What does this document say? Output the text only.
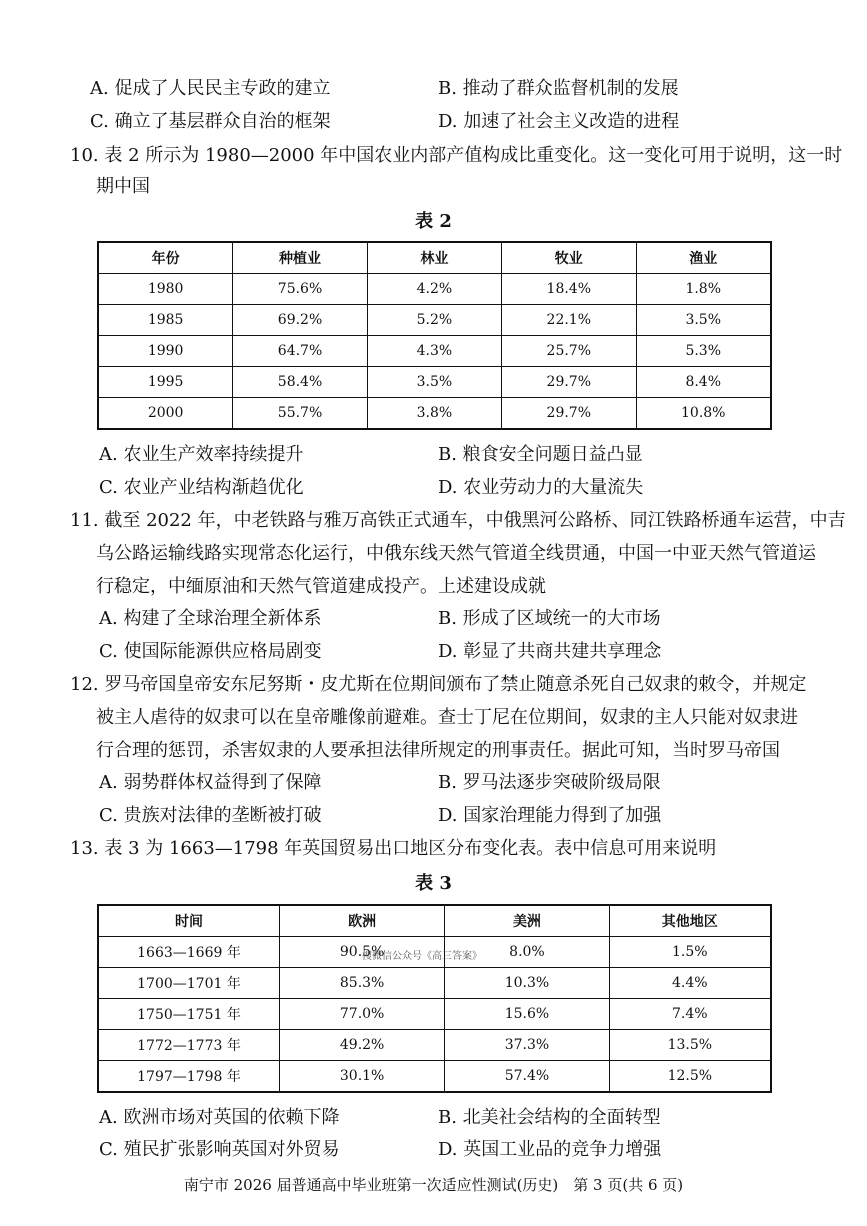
A. 促成了人民民主专政的建立	B. 推动了群众监督机制的发展
C. 确立了基层群众自治的框架	D. 加速了社会主义改造的进程
10. 表 2 所示为 1980—2000 年中国农业内部产值构成比重变化。这一变化可用于说明，这一时
期中国
表 2
年份	种植业	林业	牧业	渔业
1980	75.6%	4.2%	18.4%	1.8%
1985	69.2%	5.2%	22.1%	3.5%
1990	64.7%	4.3%	25.7%	5.3%
1995	58.4%	3.5%	29.7%	8.4%
2000	55.7%	3.8%	29.7%	10.8%
A. 农业生产效率持续提升	B. 粮食安全问题日益凸显
C. 农业产业结构渐趋优化	D. 农业劳动力的大量流失
11. 截至 2022 年，中老铁路与雅万高铁正式通车，中俄黑河公路桥、同江铁路桥通车运营，中吉
乌公路运输线路实现常态化运行，中俄东线天然气管道全线贯通，中国一中亚天然气管道运
行稳定，中缅原油和天然气管道建成投产。上述建设成就
A. 构建了全球治理全新体系	B. 形成了区域统一的大市场
C. 使国际能源供应格局剧变	D. 彰显了共商共建共享理念
12. 罗马帝国皇帝安东尼努斯・皮尤斯在位期间颁布了禁止随意杀死自己奴隶的敕令，并规定
被主人虐待的奴隶可以在皇帝雕像前避难。查士丁尼在位期间，奴隶的主人只能对奴隶进
行合理的惩罚，杀害奴隶的人要承担法律所规定的刑事责任。据此可知，当时罗马帝国
A. 弱势群体权益得到了保障	B. 罗马法逐步突破阶级局限
C. 贵族对法律的垄断被打破	D. 国家治理能力得到了加强
13. 表 3 为 1663—1798 年英国贸易出口地区分布变化表。表中信息可用来说明
表 3
时间	欧洲	美洲	其他地区
1663—1669 年	90.5%	8.0%	1.5%
1700—1701 年	85.3%	10.3%	4.4%
1750—1751 年	77.0%	15.6%	7.4%
1772—1773 年	49.2%	37.3%	13.5%
1797—1798 年	30.1%	57.4%	12.5%
搜微信公众号《高三答案》
A. 欧洲市场对英国的依赖下降	B. 北美社会结构的全面转型
C. 殖民扩张影响英国对外贸易	D. 英国工业品的竞争力增强
南宁市 2026 届普通高中毕业班第一次适应性测试(历史)　第 3 页(共 6 页)
